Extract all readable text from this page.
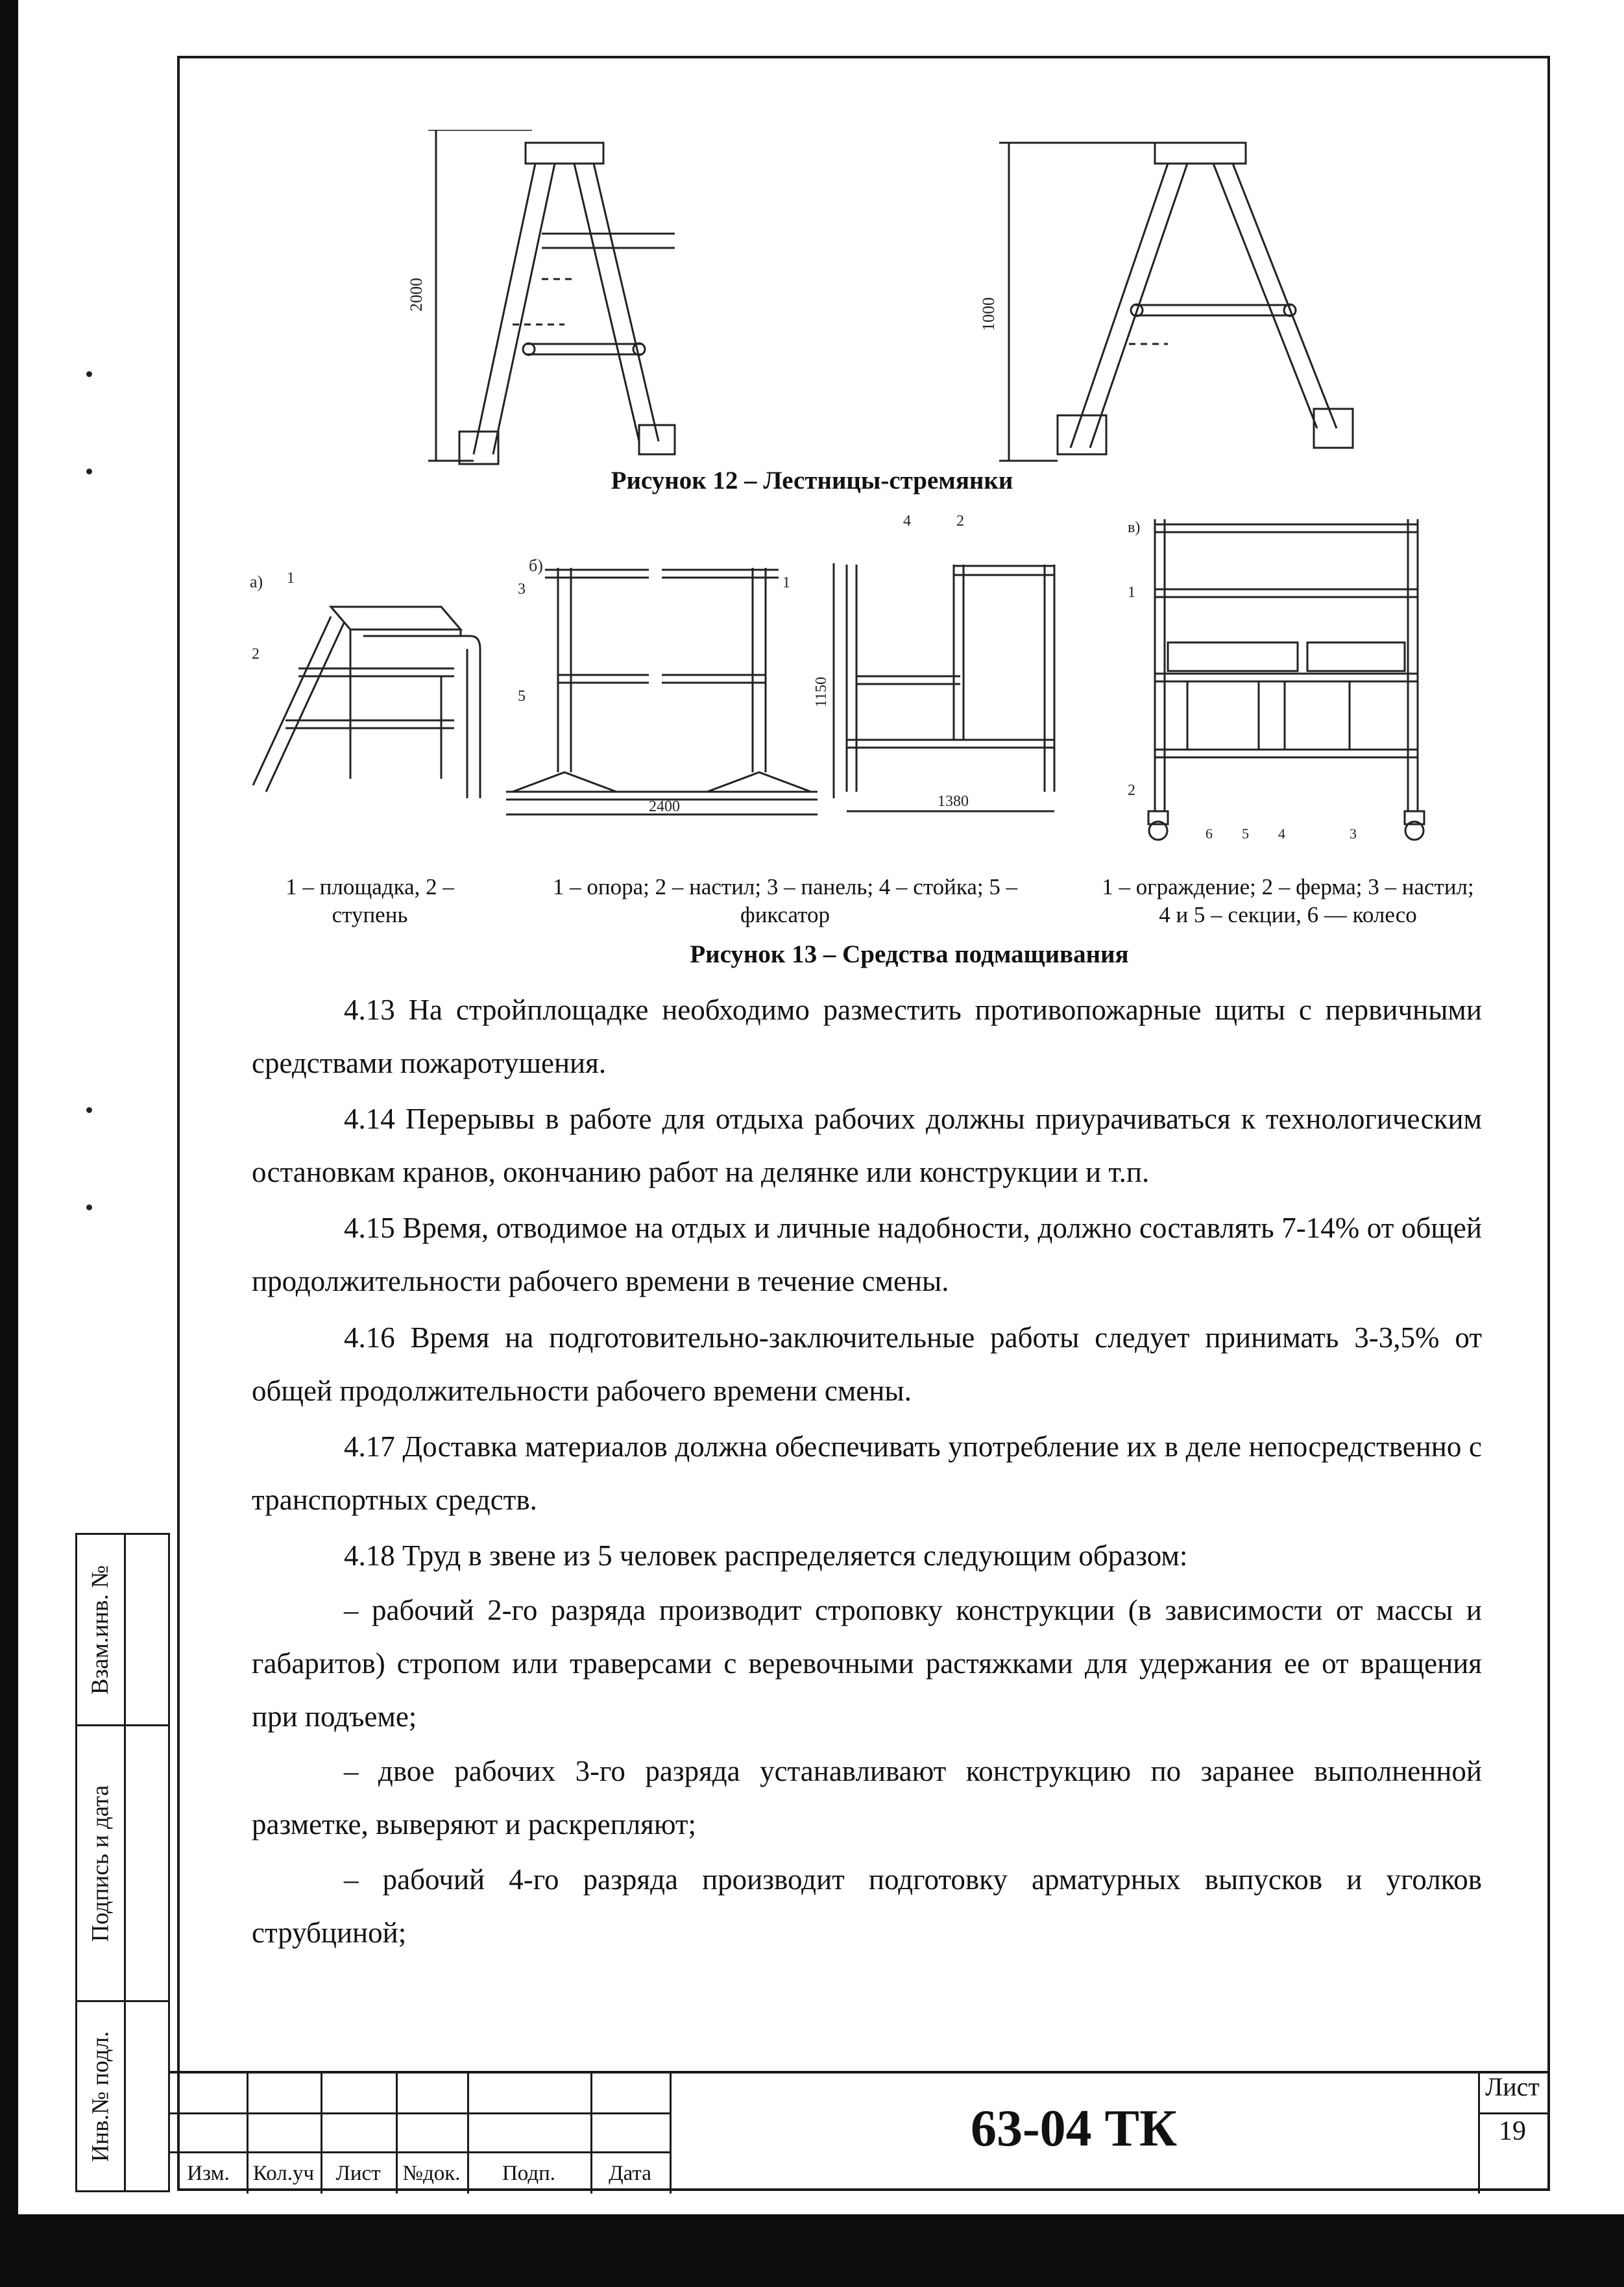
2000
1000
Рисунок 12 – Лестницы-стремянки
а) 1
2
б)
3	1
5
2400
1150
4	2
1380
в)
1
2
6 5 4	3
1 – площадка, 2 – ступень
1 – опора; 2 – настил; 3 – панель; 4 – стойка; 5 – фиксатор
1 – ограждение; 2 – ферма; 3 – настил; 4 и 5 – секции, 6 — колесо
Рисунок 13 – Средства подмащивания
4.13 На стройплощадке необходимо разместить противопожарные щиты с первичными средствами пожаротушения.
4.14 Перерывы в работе для отдыха рабочих должны приурачиваться к технологическим остановкам кранов, окончанию работ на делянке или конструкции и т.п.
4.15 Время, отводимое на отдых и личные надобности, должно составлять 7-14% от общей продолжительности рабочего времени в течение смены.
4.16 Время на подготовительно-заключительные работы следует принимать 3-3,5% от общей продолжительности рабочего времени смены.
4.17 Доставка материалов должна обеспечивать употребление их в деле непосредственно с транспортных средств.
4.18 Труд в звене из 5 человек распределяется следующим образом:
– рабочий 2-го разряда производит строповку конструкции (в зависимости от массы и габаритов) стропом или траверсами с веревочными растяжками для удержания ее от вращения при подъеме;
– двое рабочих 3-го разряда устанавливают конструкцию по заранее выполненной разметке, выверяют и раскрепляют;
– рабочий 4-го разряда производит подготовку арматурных выпусков и уголков струбциной;
Взам.инв. №
Подпись и дата
Инв.№ подл.
Изм.	Кол.уч	Лист	№док.	Подп.	Дата
63-04 ТК
Лист
19
